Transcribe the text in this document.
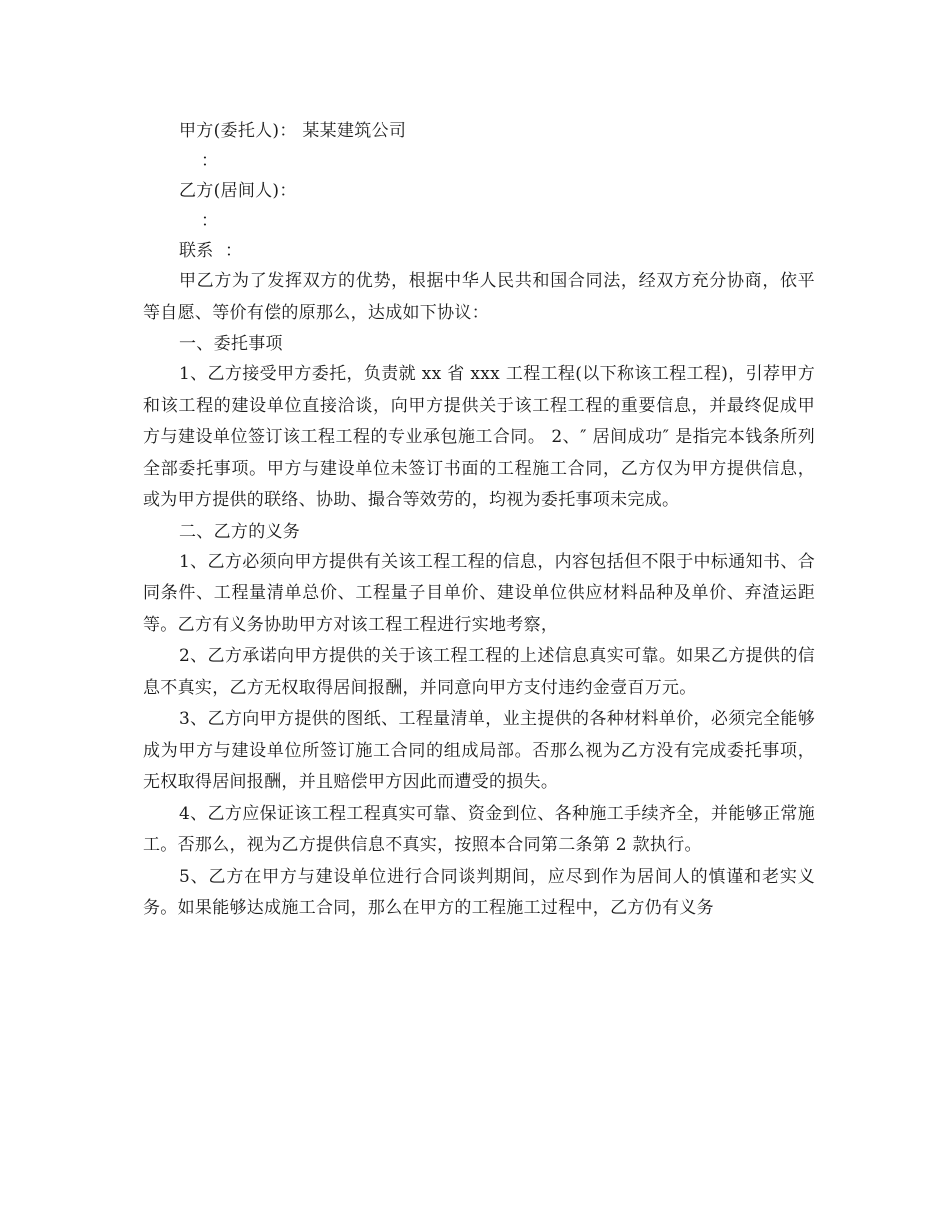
甲方(委托人)： 某某建筑公司
：
乙方(居间人)：
：
联系  ：

甲乙方为了发挥双方的优势，根据中华人民共和国合同法，经双方充分协商，依平等自愿、等价有偿的原那么，达成如下协议：

一、委托事项

1、乙方接受甲方委托，负责就 xx 省 xxx 工程工程(以下称该工程工程)，引荐甲方和该工程的建设单位直接洽谈，向甲方提供关于该工程工程的重要信息，并最终促成甲方与建设单位签订该工程工程的专业承包施工合同。 2、″ 居间成功″ 是指完本钱条所列全部委托事项。甲方与建设单位未签订书面的工程施工合同，乙方仅为甲方提供信息，或为甲方提供的联络、协助、撮合等效劳的，均视为委托事项未完成。

二、乙方的义务

1、乙方必须向甲方提供有关该工程工程的信息，内容包括但不限于中标通知书、合同条件、工程量清单总价、工程量子目单价、建设单位供应材料品种及单价、弃渣运距等。乙方有义务协助甲方对该工程工程进行实地考察，

2、乙方承诺向甲方提供的关于该工程工程的上述信息真实可靠。如果乙方提供的信息不真实，乙方无权取得居间报酬，并同意向甲方支付违约金壹百万元。

3、乙方向甲方提供的图纸、工程量清单，业主提供的各种材料单价，必须完全能够成为甲方与建设单位所签订施工合同的组成局部。否那么视为乙方没有完成委托事项，无权取得居间报酬，并且赔偿甲方因此而遭受的损失。

4、乙方应保证该工程工程真实可靠、资金到位、各种施工手续齐全，并能够正常施工。否那么，视为乙方提供信息不真实，按照本合同第二条第 2 款执行。

5、乙方在甲方与建设单位进行合同谈判期间，应尽到作为居间人的慎谨和老实义务。如果能够达成施工合同，那么在甲方的工程施工过程中，乙方仍有义务
